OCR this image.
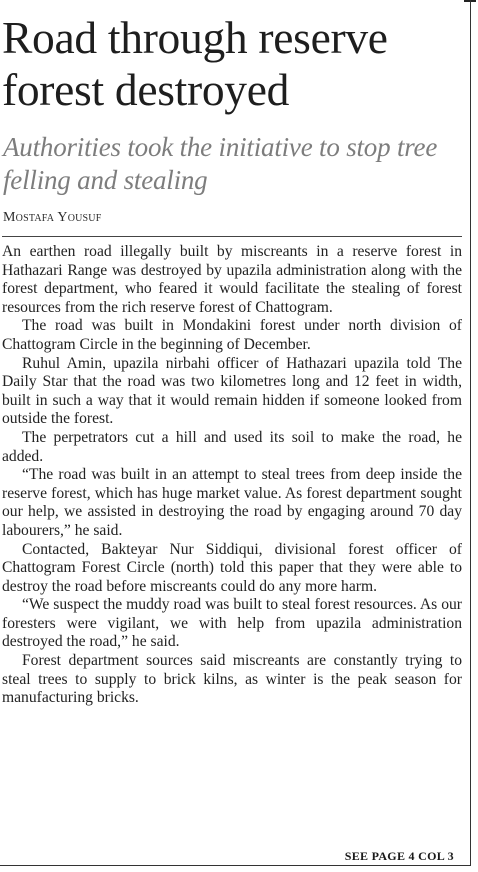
Road through reserve forest destroyed
Authorities took the initiative to stop tree felling and stealing
Mostafa Yousuf

An earthen road illegally built by miscreants in a reserve forest in Hathazari Range was destroyed by upazila administration along with the forest department, who feared it would facilitate the stealing of forest resources from the rich reserve forest of Chattogram.

The road was built in Mondakini forest under north division of Chattogram Circle in the beginning of December.

Ruhul Amin, upazila nirbahi officer of Hathazari upazila told The Daily Star that the road was two kilometres long and 12 feet in width, built in such a way that it would remain hidden if someone looked from outside the forest.

The perpetrators cut a hill and used its soil to make the road, he added.

“The road was built in an attempt to steal trees from deep inside the reserve forest, which has huge market value. As forest department sought our help, we assisted in destroying the road by engaging around 70 day labourers,” he said.

Contacted, Bakteyar Nur Siddiqui, divisional forest officer of Chattogram Forest Circle (north) told this paper that they were able to destroy the road before miscreants could do any more harm.

“We suspect the muddy road was built to steal forest resources. As our foresters were vigilant, we with help from upazila administration destroyed the road,” he said.

Forest department sources said miscreants are constantly trying to steal trees to supply to brick kilns, as winter is the peak season for manufacturing bricks.

SEE PAGE 4 COL 3
